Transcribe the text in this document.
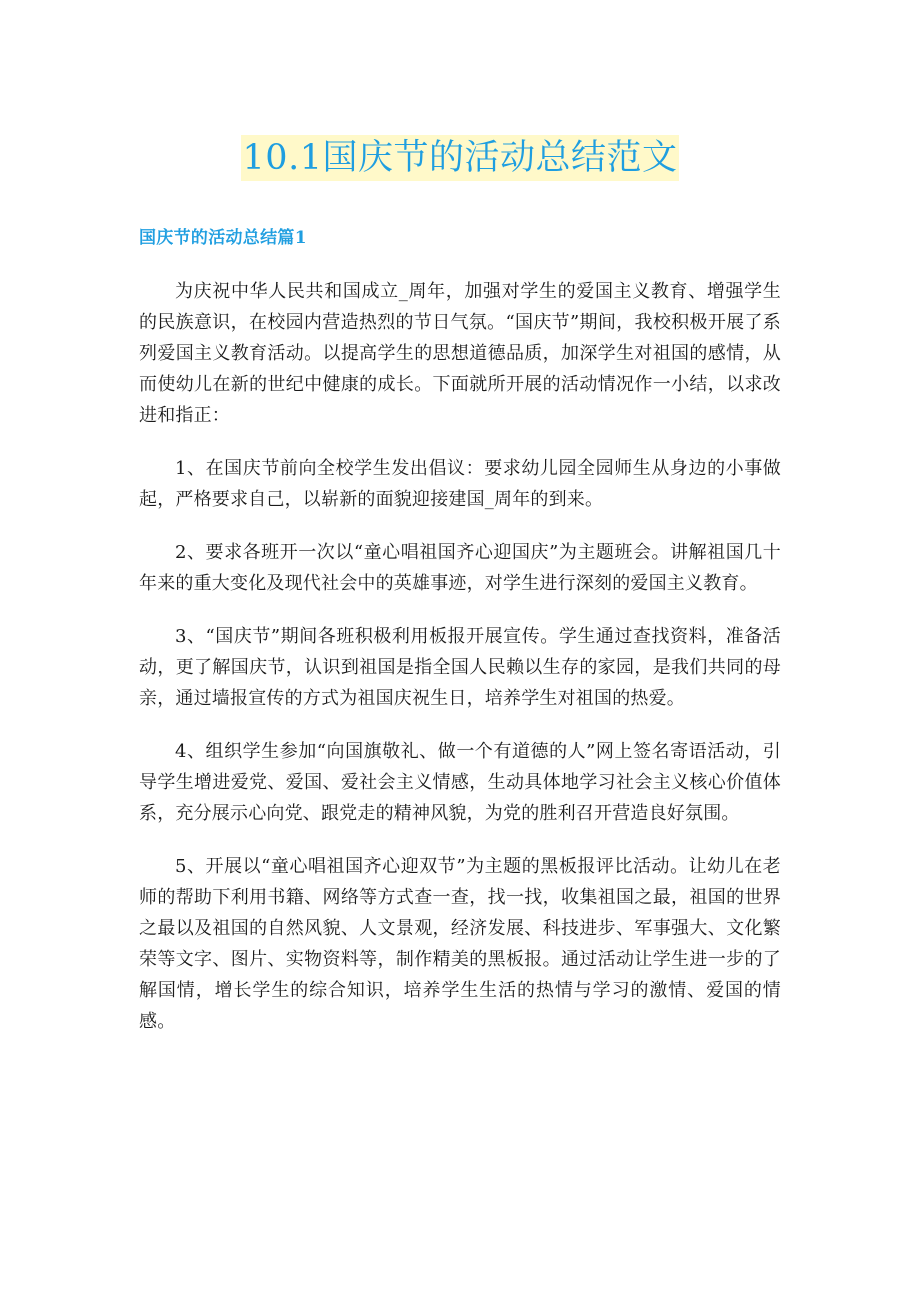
10.1国庆节的活动总结范文
国庆节的活动总结篇1

为庆祝中华人民共和国成立_周年，加强对学生的爱国主义教育、增强学生的民族意识，在校园内营造热烈的节日气氛。“国庆节”期间，我校积极开展了系列爱国主义教育活动。以提高学生的思想道德品质，加深学生对祖国的感情，从而使幼儿在新的世纪中健康的成长。下面就所开展的活动情况作一小结，以求改进和指正：

1、在国庆节前向全校学生发出倡议：要求幼儿园全园师生从身边的小事做起，严格要求自己，以崭新的面貌迎接建国_周年的到来。

2、要求各班开一次以“童心唱祖国齐心迎国庆”为主题班会。讲解祖国几十年来的重大变化及现代社会中的英雄事迹，对学生进行深刻的爱国主义教育。

3、“国庆节”期间各班积极利用板报开展宣传。学生通过查找资料，准备活动，更了解国庆节，认识到祖国是指全国人民赖以生存的家园，是我们共同的母亲，通过墙报宣传的方式为祖国庆祝生日，培养学生对祖国的热爱。

4、组织学生参加“向国旗敬礼、做一个有道德的人”网上签名寄语活动，引导学生增进爱党、爱国、爱社会主义情感，生动具体地学习社会主义核心价值体系，充分展示心向党、跟党走的精神风貌，为党的胜利召开营造良好氛围。

5、开展以“童心唱祖国齐心迎双节”为主题的黑板报评比活动。让幼儿在老师的帮助下利用书籍、网络等方式查一查，找一找，收集祖国之最，祖国的世界之最以及祖国的自然风貌、人文景观，经济发展、科技进步、军事强大、文化繁荣等文字、图片、实物资料等，制作精美的黑板报。通过活动让学生进一步的了解国情，增长学生的综合知识，培养学生生活的热情与学习的激情、爱国的情感。
